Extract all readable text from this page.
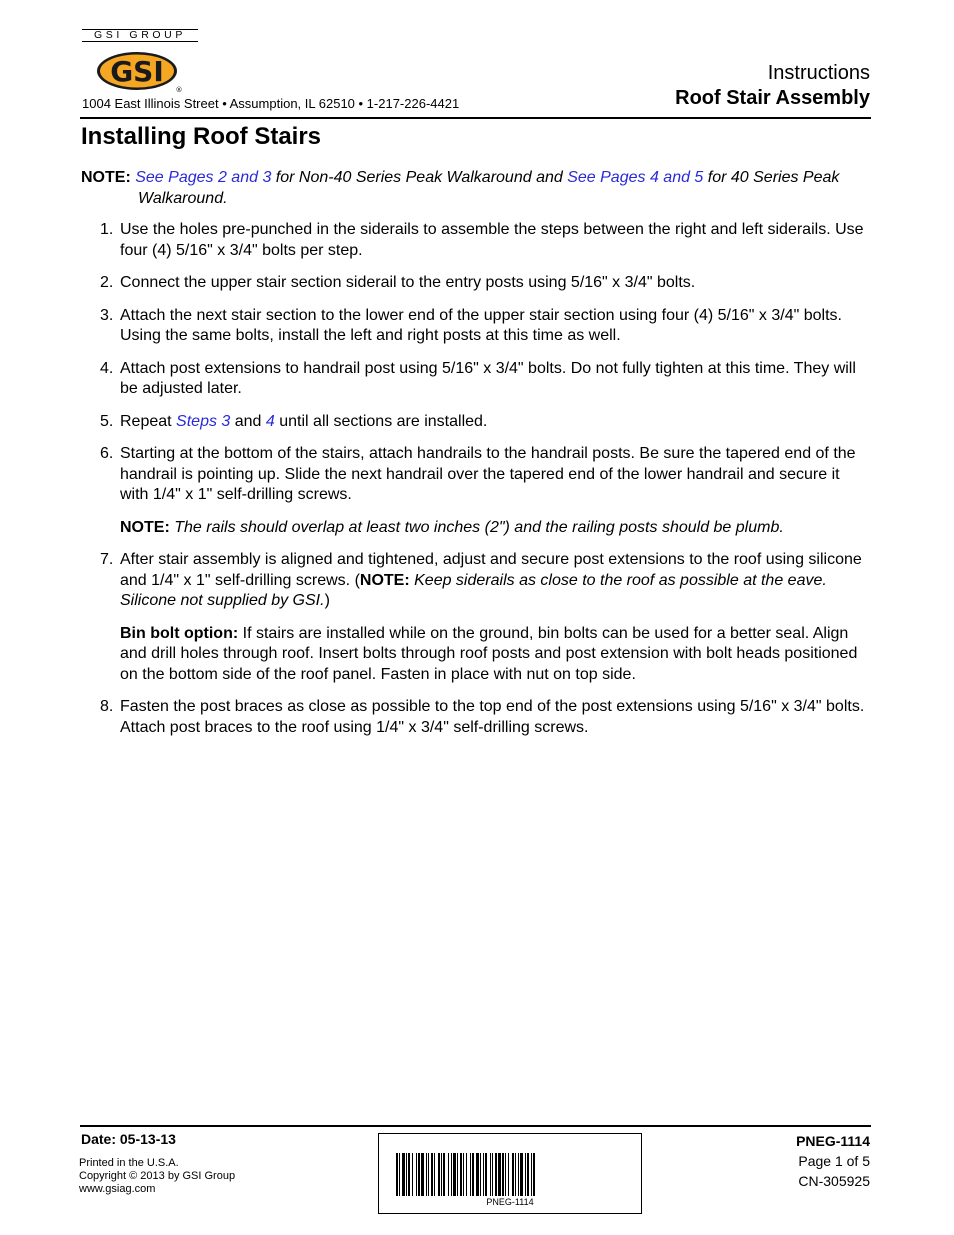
GSI GROUP
GSI
®
1004 East Illinois Street • Assumption, IL 62510 • 1-217-226-4421
Instructions
Roof Stair Assembly
Installing Roof Stairs

NOTE: See Pages 2 and 3 for Non-40 Series Peak Walkaround and See Pages 4 and 5 for 40 Series Peak Walkaround.

1. Use the holes pre-punched in the siderails to assemble the steps between the right and left siderails. Use four (4) 5/16" x 3/4" bolts per step.

2. Connect the upper stair section siderail to the entry posts using 5/16" x 3/4" bolts.

3. Attach the next stair section to the lower end of the upper stair section using four (4) 5/16" x 3/4" bolts. Using the same bolts, install the left and right posts at this time as well.

4. Attach post extensions to handrail post using 5/16" x 3/4" bolts. Do not fully tighten at this time. They will be adjusted later.

5. Repeat Steps 3 and 4 until all sections are installed.

6. Starting at the bottom of the stairs, attach handrails to the handrail posts. Be sure the tapered end of the handrail is pointing up. Slide the next handrail over the tapered end of the lower handrail and secure it with 1/4" x 1" self-drilling screws.

NOTE: The rails should overlap at least two inches (2") and the railing posts should be plumb.

7. After stair assembly is aligned and tightened, adjust and secure post extensions to the roof using silicone and 1/4" x 1" self-drilling screws. (NOTE: Keep siderails as close to the roof as possible at the eave. Silicone not supplied by GSI.)

Bin bolt option: If stairs are installed while on the ground, bin bolts can be used for a better seal. Align and drill holes through roof. Insert bolts through roof posts and post extension with bolt heads positioned on the bottom side of the roof panel. Fasten in place with nut on top side.

8. Fasten the post braces as close as possible to the top end of the post extensions using 5/16" x 3/4" bolts. Attach post braces to the roof using 1/4" x 3/4" self-drilling screws.

Date: 05-13-13
Printed in the U.S.A.
Copyright © 2013 by GSI Group
www.gsiag.com
PNEG-1114
PNEG-1114
Page 1 of 5
CN-305925
